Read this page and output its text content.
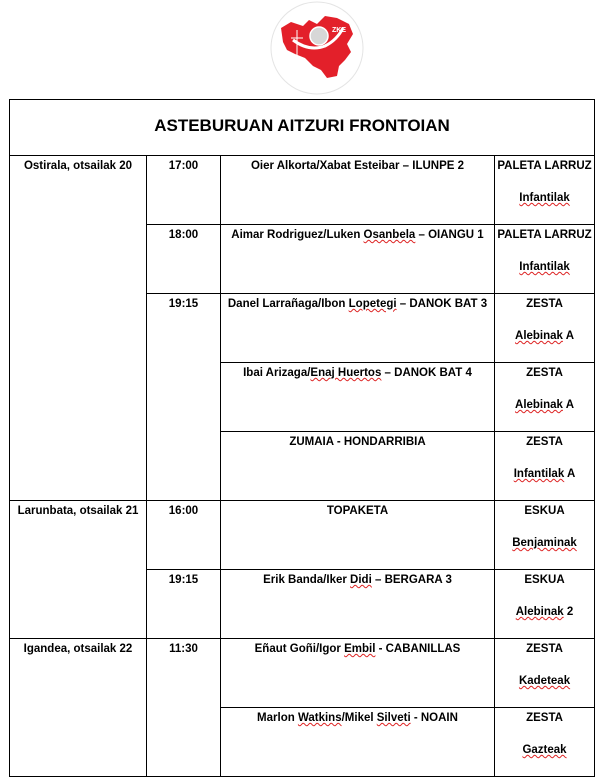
ZKE
ASTEBURUAN AITZURI FRONTOIAN			

Ostirala, otsailak 20	17:00	Oier Alkorta/Xabat Esteibar – ILUNPE 2	PALETA LARRUZ
Infantilak

	18:00	Aimar Rodriguez/Luken Osanbela – OIANGU 1	PALETA LARRUZ
Infantilak

	19:15	Danel Larrañaga/Ibon Lopetegi – DANOK BAT 3	ZESTA
Alebinak A

		Ibai Arizaga/Enaj Huertos – DANOK BAT 4	ZESTA
Alebinak A

		ZUMAIA - HONDARRIBIA	ZESTA
Infantilak A

Larunbata, otsailak 21	16:00	TOPAKETA	ESKUA
Benjaminak

	19:15	Erik Banda/Iker Didi – BERGARA 3	ESKUA
Alebinak 2

Igandea, otsailak 22	11:30	Eñaut Goñi/Igor Embil - CABANILLAS	ZESTA
Kadeteak

		Marlon Watkins/Mikel Silveti - NOAIN	ZESTA
Gazteak
